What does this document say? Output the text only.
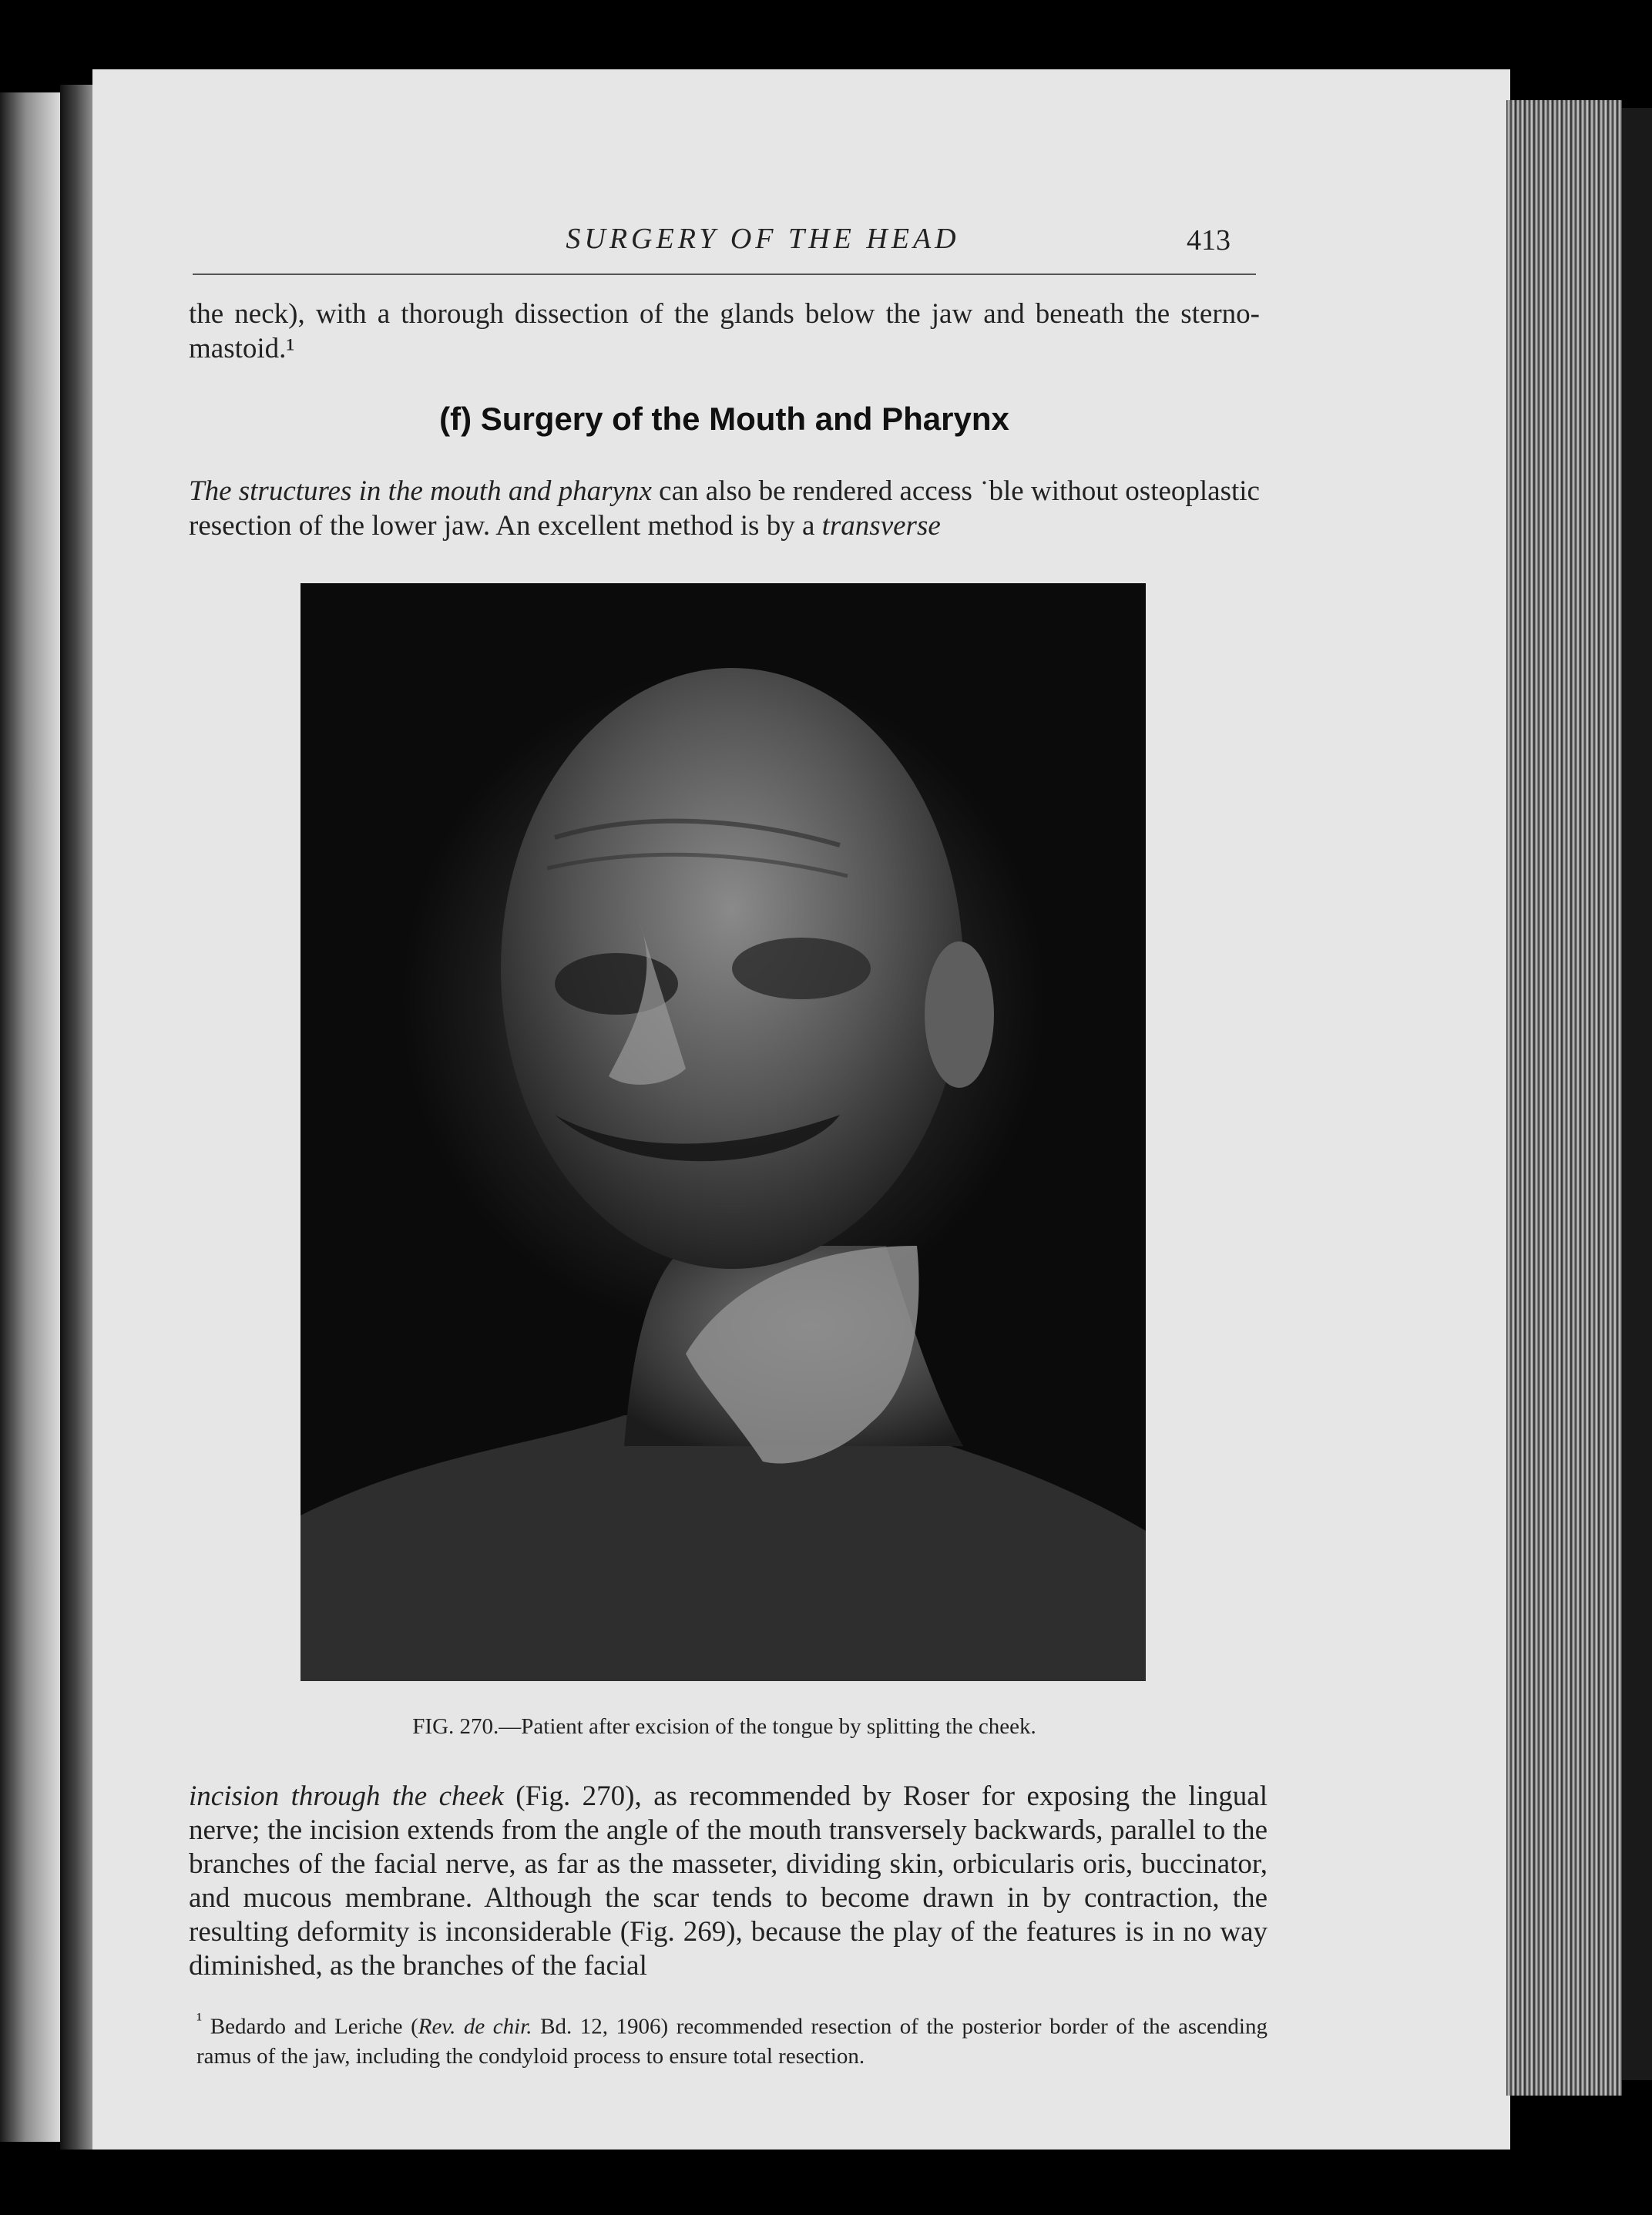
SURGERY OF THE HEAD	413
the neck), with a thorough dissection of the glands below the jaw and beneath the sterno-mastoid.¹
(f) Surgery of the Mouth and Pharynx
The structures in the mouth and pharynx can also be rendered access ˙ble without osteoplastic resection of the lower jaw. An excellent method is by a transverse
FIG. 270.—Patient after excision of the tongue by splitting the cheek.
incision through the cheek (Fig. 270), as recommended by Roser for exposing the lingual nerve; the incision extends from the angle of the mouth transversely backwards, parallel to the branches of the facial nerve, as far as the masseter, dividing skin, orbicularis oris, buccinator, and mucous membrane. Although the scar tends to become drawn in by contraction, the resulting deformity is inconsiderable (Fig. 269), because the play of the features is in no way diminished, as the branches of the facial
$^{^1}$ Bedardo and Leriche (Rev. de chir. Bd. 12, 1906) recommended resection of the posterior border of the ascending ramus of the jaw, including the condyloid process to ensure total resection.
